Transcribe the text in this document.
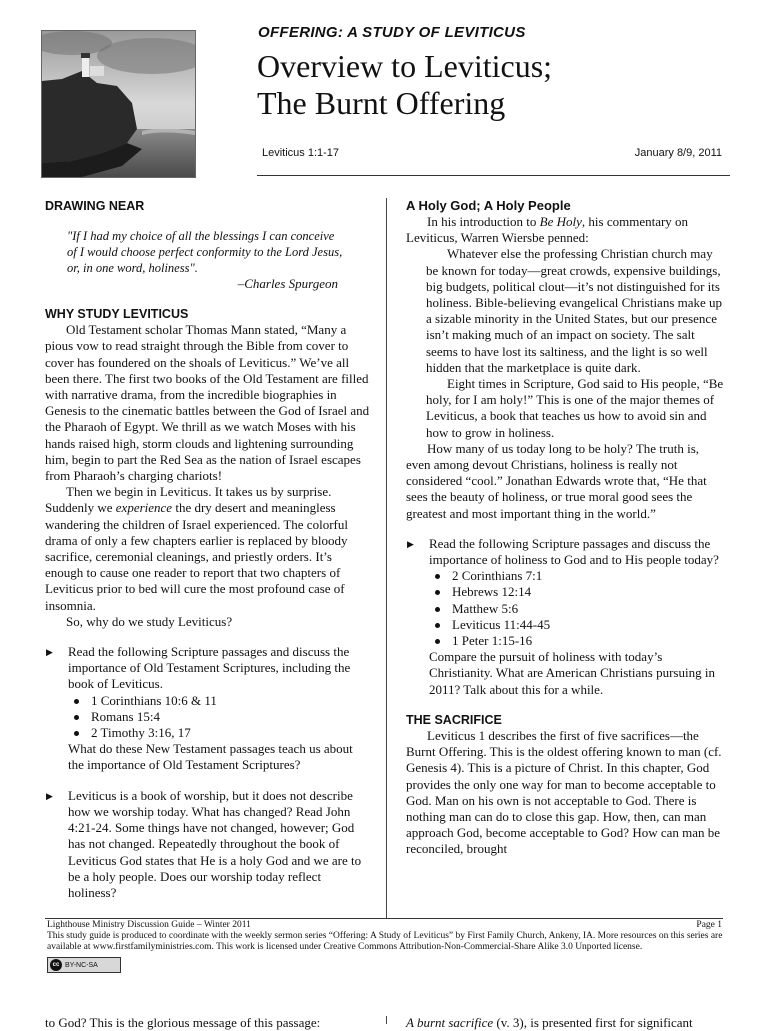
OFFERING: A STUDY OF LEVITICUS
Overview to Leviticus;
The Burnt Offering
Leviticus 1:1-17	January 8/9, 2011
DRAWING NEAR

"If I had my choice of all the blessings I can conceive of I would choose perfect conformity to the Lord Jesus, or, in one word, holiness".

–Charles Spurgeon

WHY STUDY LEVITICUS

Old Testament scholar Thomas Mann stated, “Many a pious vow to read straight through the Bible from cover to cover has foundered on the shoals of Leviticus.” We’ve all been there. The first two books of the Old Testament are filled with narrative drama, from the incredible biographies in Genesis to the cinematic battles between the God of Israel and the Pharaoh of Egypt. We thrill as we watch Moses with his hands raised high, storm clouds and lightening surrounding him, begin to part the Red Sea as the nation of Israel escapes from Pharaoh’s charging chariots!

Then we begin in Leviticus. It takes us by surprise. Suddenly we experience the dry desert and meaningless wandering the children of Israel experienced. The colorful drama of only a few chapters earlier is replaced by bloody sacrifice, ceremonial cleanings, and priestly orders. It’s enough to cause one reader to report that two chapters of Leviticus prior to bed will cure the most profound case of insomnia.

So, why do we study Leviticus?

▶ Read the following Scripture passages and discuss the importance of Old Testament Scriptures, including the book of Leviticus.

1 Corinthians 10:6 & 11
Romans 15:4
2 Timothy 3:16, 17

What do these New Testament passages teach us about the importance of Old Testament Scriptures?

▶ Leviticus is a book of worship, but it does not describe how we worship today. What has changed? Read John 4:21-24. Some things have not changed, however; God has not changed. Repeatedly throughout the book of Leviticus God states that He is a holy God and we are to be a holy people. Does our worship today reflect holiness?

A Holy God; A Holy People

In his introduction to Be Holy, his commentary on Leviticus, Warren Wiersbe penned:

Whatever else the professing Christian church may be known for today—great crowds, expensive buildings, big budgets, political clout—it’s not distinguished for its holiness. Bible-believing evangelical Christians make up a sizable minority in the United States, but our presence isn’t making much of an impact on society. The salt seems to have lost its saltiness, and the light is so well hidden that the marketplace is quite dark.

Eight times in Scripture, God said to His people, “Be holy, for I am holy!” This is one of the major themes of Leviticus, a book that teaches us how to avoid sin and how to grow in holiness.

How many of us today long to be holy? The truth is, even among devout Christians, holiness is really not considered “cool.” Jonathan Edwards wrote that, “He that sees the beauty of holiness, or true moral good sees the greatest and most important thing in the world.”

▶ Read the following Scripture passages and discuss the importance of holiness to God and to His people today?

2 Corinthians 7:1
Hebrews 12:14
Matthew 5:6
Leviticus 11:44-45
1 Peter 1:15-16

Compare the pursuit of holiness with today’s Christianity. What are American Christians pursuing in 2011? Talk about this for a while.

THE SACRIFICE

Leviticus 1 describes the first of five sacrifices—the Burnt Offering. This is the oldest offering known to man (cf. Genesis 4). This is a picture of Christ. In this chapter, God provides the only one way for man to become acceptable to God. Man on his own is not acceptable to God. There is nothing man can do to close this gap. How, then, can man approach God, become acceptable to God? How can man be reconciled, brought

Lighthouse Ministry Discussion Guide – Winter 2011	Page 1
This study guide is produced to coordinate with the weekly sermon series “Offering: A Study of Leviticus” by First Family Church, Ankeny, IA. More resources on this series are available at www.firstfamilyministries.com. This work is licensed under Creative Commons Attribution-Non-Commercial-Share Alike 3.0 Unported license.
cc BY-NC-SA
to God? This is the glorious message of this passage:	A burnt sacrifice (v. 3), is presented first for significant
